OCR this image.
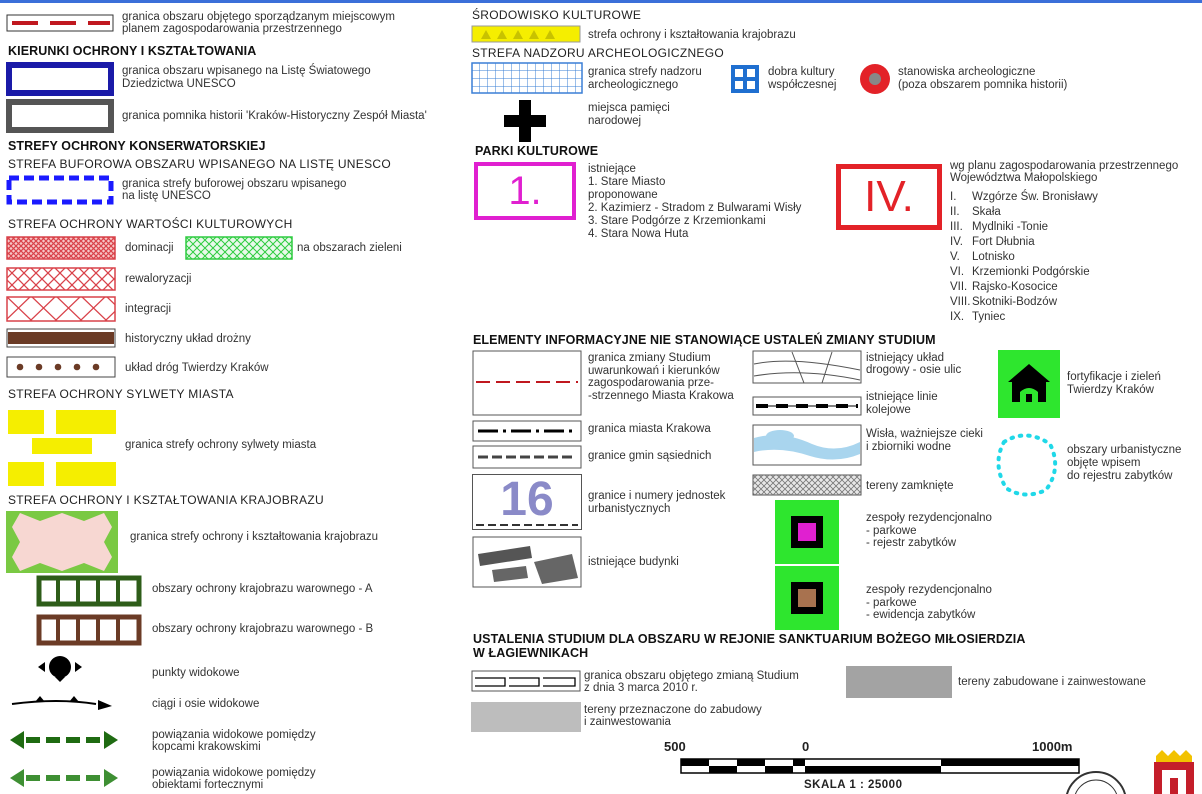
granica obszaru objętego sporządzanym miejscowym
planem zagospodarowania przestrzennego
KIERUNKI OCHRONY I KSZTAŁTOWANIA
granica obszaru wpisanego na Listę Światowego
Dziedzictwa UNESCO
granica pomnika historii 'Kraków-Historyczny Zespół Miasta'
STREFY OCHRONY KONSERWATORSKIEJ
STREFA BUFOROWA OBSZARU WPISANEGO NA LISTĘ UNESCO
granica strefy buforowej obszaru wpisanego
na listę UNESCO
STREFA OCHRONY WARTOŚCI KULTUROWYCH
dominacji	na obszarach zieleni
rewaloryzacji
integracji
historyczny układ drożny
układ dróg Twierdzy Kraków
STREFA OCHRONY SYLWETY MIASTA
granica strefy ochrony sylwety miasta
STREFA OCHRONY I KSZTAŁTOWANIA KRAJOBRAZU
granica strefy ochrony i kształtowania krajobrazu
obszary ochrony krajobrazu warownego - A
obszary ochrony krajobrazu warownego - B
punkty widokowe
ciągi i osie widokowe
powiązania widokowe pomiędzy
kopcami krakowskimi
powiązania widokowe pomiędzy
obiektami fortecznymi
ŚRODOWISKO KULTUROWE
strefa ochrony i kształtowania krajobrazu
STREFA NADZORU ARCHEOLOGICZNEGO
granica strefy nadzoru
archeologicznego
dobra kultury
współczesnej
stanowiska archeologiczne
(poza obszarem pomnika historii)
miejsca pamięci
narodowej
PARKI KULTUROWE
1.	istniejące
1. Stare Miasto
proponowane
2. Kazimierz - Stradom z Bulwarami Wisły
3. Stare Podgórze z Krzemionkami
4. Stara Nowa Huta
IV.
wg planu zagospodarowania przestrzennego
Województwa Małopolskiego
I. Wzgórze Św. Bronisławy
II. Skała
III. Mydlniki -Tonie
IV. Fort Dłubnia
V. Lotnisko
VI. Krzemionki Podgórskie
VII. Rajsko-Kosocice
VIII. Skotniki-Bodzów
IX. Tyniec
ELEMENTY INFORMACYJNE NIE STANOWIĄCE USTALEŃ ZMIANY STUDIUM
granica zmiany Studium
uwarunkowań i kierunków
zagospodarowania prze-
-strzennego Miasta Krakowa
granica miasta Krakowa
granice gmin sąsiednich
16	granice i numery jednostek
urbanistycznych
istniejące budynki
istniejący układ
drogowy - osie ulic
istniejące linie
kolejowe
Wisła, ważniejsze cieki
i zbiorniki wodne
tereny zamknięte
zespoły rezydencjonalno
- parkowe
- rejestr zabytków
zespoły rezydencjonalno
- parkowe
- ewidencja zabytków
fortyfikacje i zieleń
Twierdzy Kraków
obszary urbanistyczne
objęte wpisem
do rejestru zabytków
USTALENIA STUDIUM DLA OBSZARU W REJONIE SANKTUARIUM BOŻEGO MIŁOSIERDZIA
W ŁAGIEWNIKACH
granica obszaru objętego zmianą Studium
z dnia 3 marca 2010 r.
tereny przeznaczone do zabudowy
i zainwestowania
tereny zabudowane i zainwestowane
500	0	1000m
SKALA 1 : 25000
